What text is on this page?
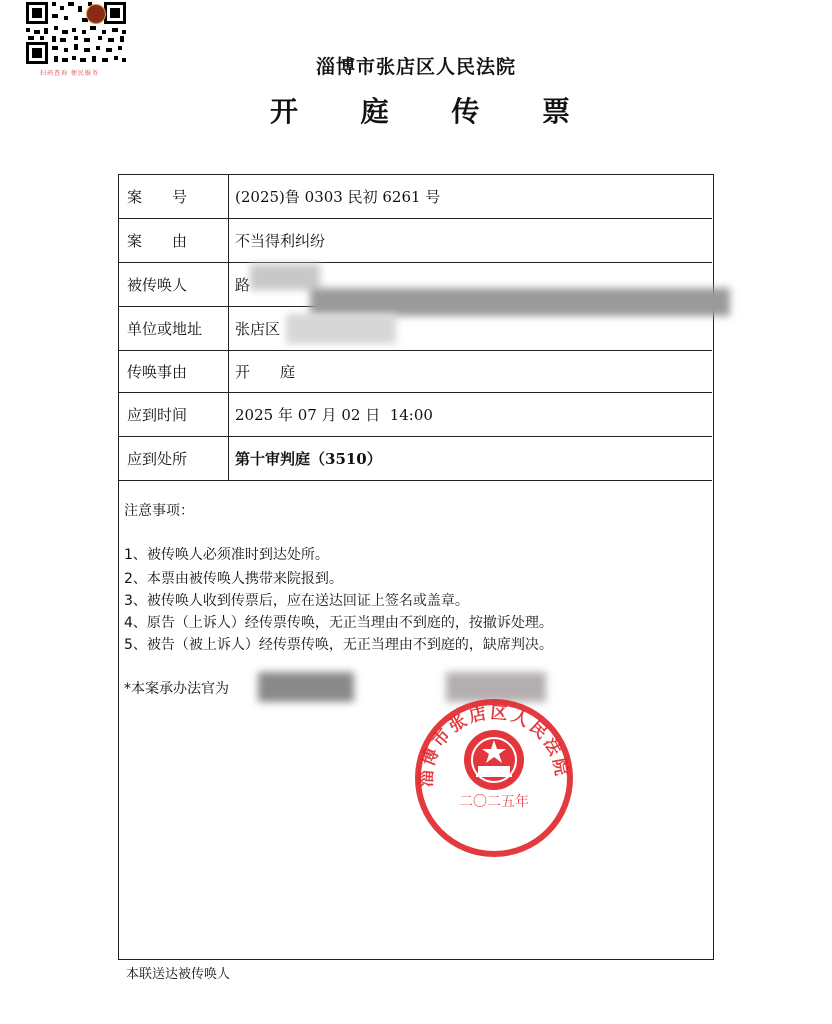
扫码查询 便民服务	淄博市张店区人民法院
开 庭 传 票
案　　号	(2025)鲁 0303 民初 6261 号
案　　由	不当得利纠纷
被传唤人	路
单位或地址	张店区
传唤事由	开　　庭
应到时间	2025 年 07 月 02 日  14:00
应到处所	第十审判庭（3510）
注意事项：
1、被传唤人必须准时到达处所。
2、本票由被传唤人携带来院报到。
3、被传唤人收到传票后，应在送达回证上签名或盖章。
4、原告（上诉人）经传票传唤，无正当理由不到庭的，按撤诉处理。
5、被告（被上诉人）经传票传唤，无正当理由不到庭的，缺席判决。
*本案承办法官为
淄博市张店区人民法院
二〇二五年
本联送达被传唤人
